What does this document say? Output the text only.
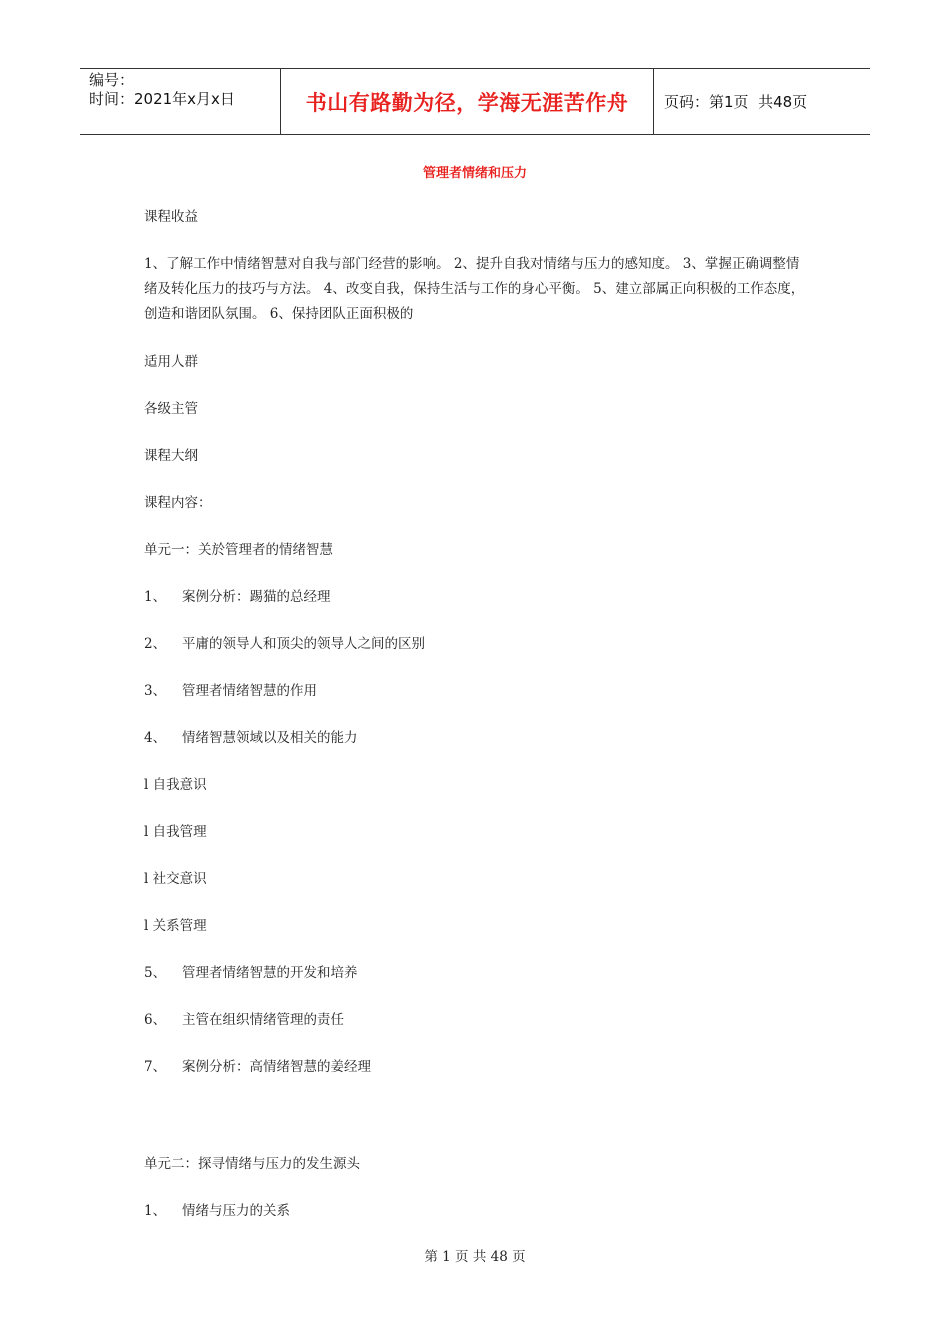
编号：
时间：2021年x月x日	书山有路勤为径，学海无涯苦作舟	页码：第1页  共48页
管理者情绪和压力
课程收益
1、了解工作中情绪智慧对自我与部门经营的影响。 2、提升自我对情绪与压力的感知度。 3、掌握正确调整情绪及转化压力的技巧与方法。 4、改变自我，保持生活与工作的身心平衡。 5、建立部属正向积极的工作态度，创造和谐团队氛围。 6、保持团队正面积极的
适用人群
各级主管
课程大纲
课程内容：
单元一：关於管理者的情绪智慧
1、 案例分析：踢猫的总经理
2、 平庸的领导人和顶尖的领导人之间的区别
3、 管理者情绪智慧的作用
4、 情绪智慧领域以及相关的能力
l 自我意识
l 自我管理
l 社交意识
l 关系管理
5、 管理者情绪智慧的开发和培养
6、 主管在组织情绪管理的责任
7、 案例分析：高情绪智慧的姜经理
单元二：探寻情绪与压力的发生源头
1、 情绪与压力的关系
第 1 页 共 48 页
